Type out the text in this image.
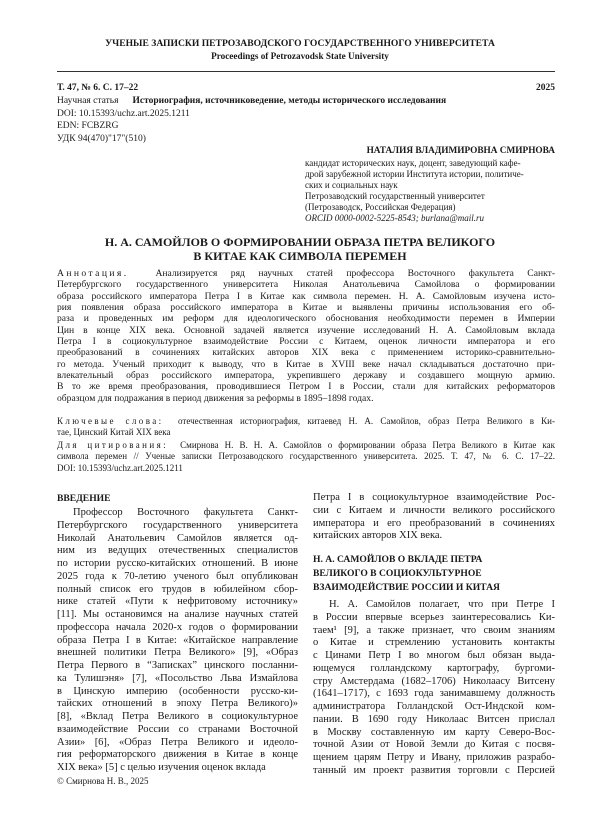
УЧЕНЫЕ ЗАПИСКИ ПЕТРОЗАВОДСКОГО ГОСУДАРСТВЕННОГО УНИВЕРСИТЕТА
Proceedings of Petrozavodsk State University
Т. 47, № 6. С. 17–22	2025
Научная статья Историография, источниковедение, методы исторического исследования
DOI: 10.15393/uchz.art.2025.1211
EDN: FCBZRG
УДК 94(470)"17"(510)
НАТАЛИЯ ВЛАДИМИРОВНА СМИРНОВА
кандидат исторических наук, доцент, заведующий кафе-
дрой зарубежной истории Института истории, политиче-
ских и социальных наук
Петрозаводский государственный университет
(Петрозаводск, Российская Федерация)
ORCID 0000-0002-5225-8543; burlana@mail.ru
Н. А. САМОЙЛОВ О ФОРМИРОВАНИИ ОБРАЗА ПЕТРА ВЕЛИКОГО
В КИТАЕ КАК СИМВОЛА ПЕРЕМЕН
Аннотация.	Анализируется ряд научных статей профессора Восточного факультета Санкт-
Петербургского государственного университета Николая Анатольевича Самойлова о формировании
образа российского императора Петра I в Китае как символа перемен. Н. А. Самойловым изучена исто-
рия появления образа российского императора в Китае и выявлены причины использования его об-
раза и проведенных им реформ для идеологического обоснования необходимости перемен в Империи
Цин в конце XIX века. Основной задачей является изучение исследований Н. А. Самойловым вклада
Петра I в социокультурное взаимодействие России с Китаем, оценок личности императора и его
преобразований в сочинениях китайских авторов XIX века с применением историко-сравнительно-
го метода. Ученый приходит к выводу, что в Китае в XVIII веке начал складываться достаточно при-
влекательный образ российского императора, укрепившего державу и создавшего мощную армию.
В то же время преобразования, проводившиеся Петром I в России, стали для китайских реформаторов
образцом для подражания в период движения за реформы в 1895–1898 годах.
Ключевые слова: отечественная историография, китаевед Н. А. Самойлов, образ Петра Великого в Ки-
тае, Цинский Китай XIX века
Для цитирования: Смирнова Н. В. Н. А. Самойлов о формировании образа Петра Великого в Китае как
символа перемен // Ученые записки Петрозаводского государственного университета. 2025. Т. 47, № 6. С. 17–22.
DOI: 10.15393/uchz.art.2025.1211
ВВЕДЕНИЕ
Профессор Восточного факультета Санкт-
Петербургского государственного университета
Николай Анатольевич Самойлов является од-
ним из ведущих отечественных специалистов
по истории русско-китайских отношений. В июне
2025 года к 70-летию ученого был опубликован
полный список его трудов в юбилейном сбор-
нике статей «Пути к нефритовому источнику»
[11]. Мы остановимся на анализе научных статей
профессора начала 2020-х годов о формировании
образа Петра I в Китае: «Китайское направление
внешней политики Петра Великого» [9], «Образ
Петра Первого в “Записках” цинского посланни-
ка Тулишэня» [7], «Посольство Льва Измайлова
в Цинскую империю (особенности русско-ки-
тайских отношений в эпоху Петра Великого)»
[8], «Вклад Петра Великого в социокультурное
взаимодействие России со странами Восточной
Азии» [6], «Образ Петра Великого и идеоло-
гия реформаторского движения в Китае в конце
XIX века» [5] с целью изучения оценок вклада
Петра I в социокультурное взаимодействие Рос-
сии с Китаем и личности великого российского
императора и его преобразований в сочинениях
китайских авторов XIX века.
Н. А. САМОЙЛОВ О ВКЛАДЕ ПЕТРА
ВЕЛИКОГО В СОЦИОКУЛЬТУРНОЕ
ВЗАИМОДЕЙСТВИЕ РОССИИ И КИТАЯ
Н. А. Самойлов полагает, что при Петре I
в России впервые всерьез заинтересовались Ки-
таем¹ [9], а также признает, что своим знаниям
о Китае и стремлению установить контакты
с Цинами Петр I во многом был обязан выда-
ющемуся голландскому картографу, бургоми-
стру Амстердама (1682–1706) Николаасу Витсену
(1641–1717), с 1693 года занимавшему должность
администратора Голландской Ост-Индской ком-
пании. В 1690 году Николаас Витсен прислал
в Москву составленную им карту Северо-Вос-
точной Азии от Новой Земли до Китая с посвя-
щением царям Петру и Ивану, приложив разрабо-
танный им проект развития торговли с Персией
© Смирнова Н. В., 2025
